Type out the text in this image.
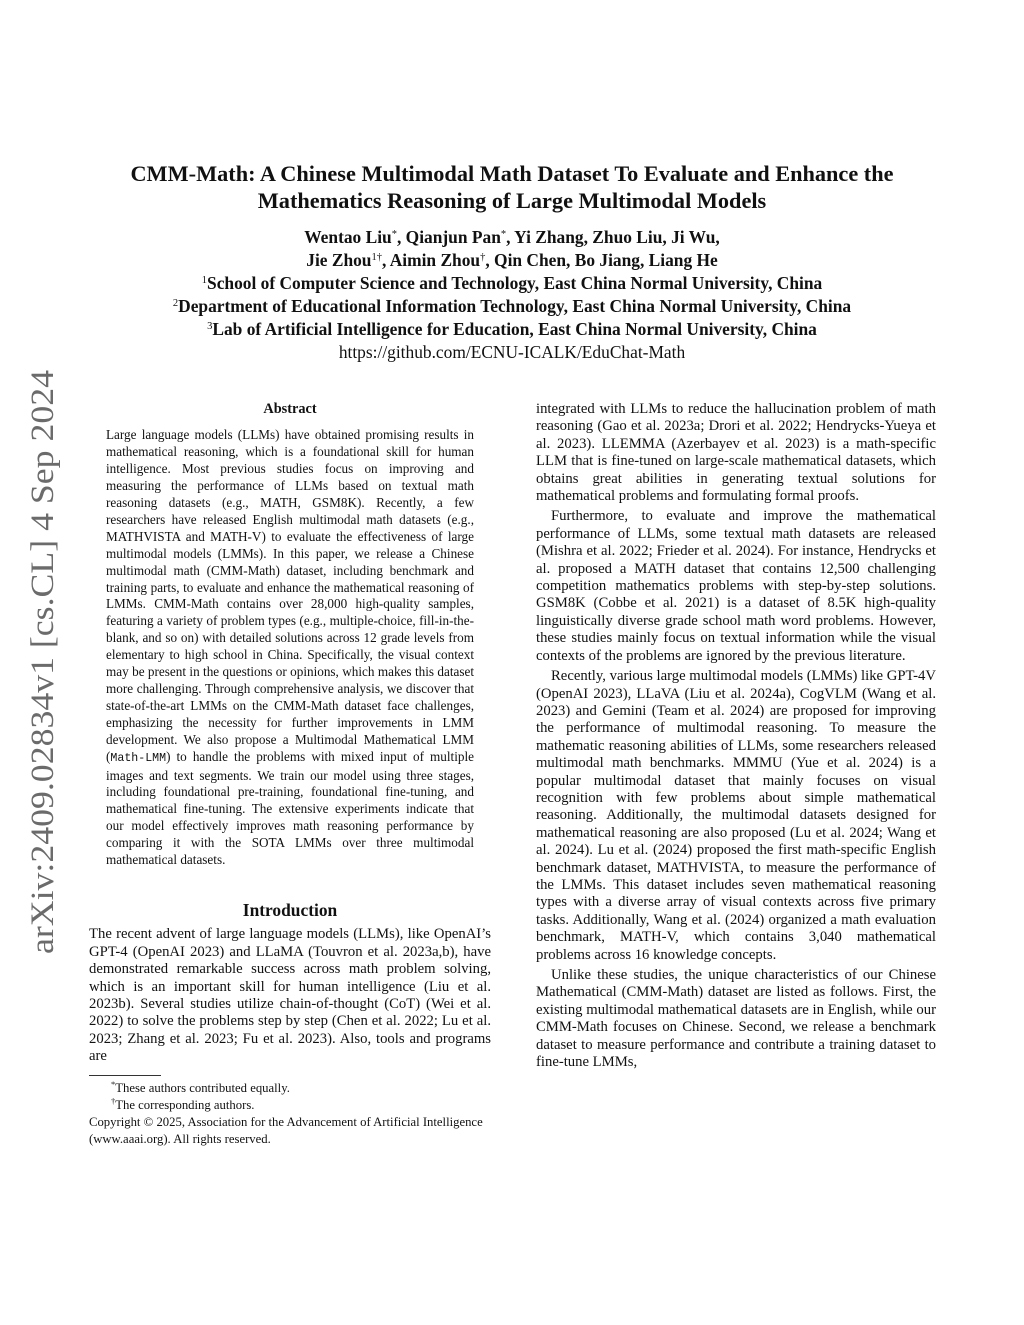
arXiv:2409.02834v1 [cs.CL] 4 Sep 2024
CMM-Math: A Chinese Multimodal Math Dataset To Evaluate and Enhance the
Mathematics Reasoning of Large Multimodal Models
Wentao Liu*, Qianjun Pan*, Yi Zhang, Zhuo Liu, Ji Wu,
Jie Zhou$^{1\dagger}$, Aimin Zhou†, Qin Chen, Bo Jiang, Liang He
$^1$School of Computer Science and Technology, East China Normal University, China
$^2$Department of Educational Information Technology, East China Normal University, China
$^3$Lab of Artificial Intelligence for Education, East China Normal University, China
https://github.com/ECNU-ICALK/EduChat-Math
Abstract

Large language models (LLMs) have obtained promising results in mathematical reasoning, which is a foundational skill for human intelligence. Most previous studies focus on improving and measuring the performance of LLMs based on textual math reasoning datasets (e.g., MATH, GSM8K). Recently, a few researchers have released English multimodal math datasets (e.g., MATHVISTA and MATH-V) to evaluate the effectiveness of large multimodal models (LMMs). In this paper, we release a Chinese multimodal math (CMM-Math) dataset, including benchmark and training parts, to evaluate and enhance the mathematical reasoning of LMMs. CMM-Math contains over 28,000 high-quality samples, featuring a variety of problem types (e.g., multiple-choice, fill-in-the-blank, and so on) with detailed solutions across 12 grade levels from elementary to high school in China. Specifically, the visual context may be present in the questions or opinions, which makes this dataset more challenging. Through comprehensive analysis, we discover that state-of-the-art LMMs on the CMM-Math dataset face challenges, emphasizing the necessity for further improvements in LMM development. We also propose a Multimodal Mathematical LMM (Math-LMM) to handle the problems with mixed input of multiple images and text segments. We train our model using three stages, including foundational pre-training, foundational fine-tuning, and mathematical fine-tuning. The extensive experiments indicate that our model effectively improves math reasoning performance by comparing it with the SOTA LMMs over three multimodal mathematical datasets.

Introduction

The recent advent of large language models (LLMs), like OpenAI’s GPT-4 (OpenAI 2023) and LLaMA (Touvron et al. 2023a,b), have demonstrated remarkable success across math problem solving, which is an important skill for human intelligence (Liu et al. 2023b). Several studies utilize chain-of-thought (CoT) (Wei et al. 2022) to solve the problems step by step (Chen et al. 2022; Lu et al. 2023; Zhang et al. 2023; Fu et al. 2023). Also, tools and programs are

*These authors contributed equally.
†The corresponding authors.
Copyright © 2025, Association for the Advancement of Artificial Intelligence (www.aaai.org). All rights reserved.

integrated with LLMs to reduce the hallucination problem of math reasoning (Gao et al. 2023a; Drori et al. 2022; Hendrycks-Yueya et al. 2023). LLEMMA (Azerbayev et al. 2023) is a math-specific LLM that is fine-tuned on large-scale mathematical datasets, which obtains great abilities in generating textual solutions for mathematical problems and formulating formal proofs.

Furthermore, to evaluate and improve the mathematical performance of LLMs, some textual math datasets are released (Mishra et al. 2022; Frieder et al. 2024). For instance, Hendrycks et al. proposed a MATH dataset that contains 12,500 challenging competition mathematics problems with step-by-step solutions. GSM8K (Cobbe et al. 2021) is a dataset of 8.5K high-quality linguistically diverse grade school math word problems. However, these studies mainly focus on textual information while the visual contexts of the problems are ignored by the previous literature.

Recently, various large multimodal models (LMMs) like GPT-4V (OpenAI 2023), LLaVA (Liu et al. 2024a), CogVLM (Wang et al. 2023) and Gemini (Team et al. 2024) are proposed for improving the performance of multimodal reasoning. To measure the mathematic reasoning abilities of LLMs, some researchers released multimodal math benchmarks. MMMU (Yue et al. 2024) is a popular multimodal dataset that mainly focuses on visual recognition with few problems about simple mathematical reasoning. Additionally, the multimodal datasets designed for mathematical reasoning are also proposed (Lu et al. 2024; Wang et al. 2024). Lu et al. (2024) proposed the first math-specific English benchmark dataset, MATHVISTA, to measure the performance of the LMMs. This dataset includes seven mathematical reasoning types with a diverse array of visual contexts across five primary tasks. Additionally, Wang et al. (2024) organized a math evaluation benchmark, MATH-V, which contains 3,040 mathematical problems across 16 knowledge concepts.

Unlike these studies, the unique characteristics of our Chinese Mathematical (CMM-Math) dataset are listed as follows. First, the existing multimodal mathematical datasets are in English, while our CMM-Math focuses on Chinese. Second, we release a benchmark dataset to measure performance and contribute a training dataset to fine-tune LMMs,
